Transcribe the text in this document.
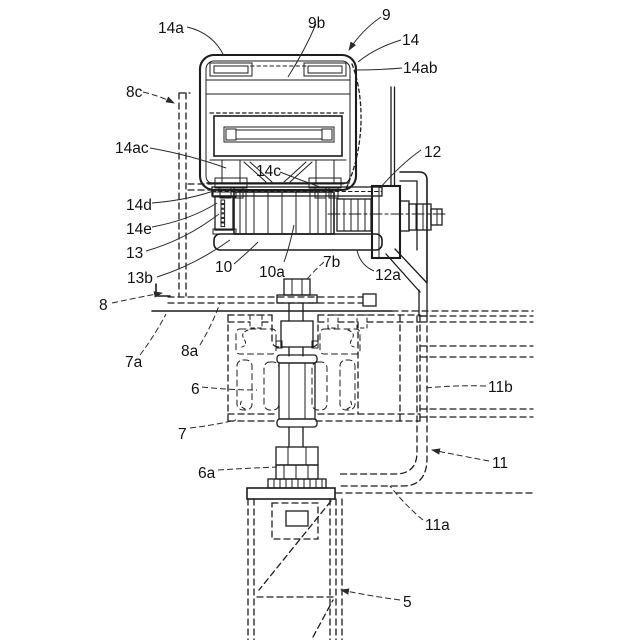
14a	9b	9
14
14ab
8c
14ac
14c
12
14d
14e
13
13b
10 10a
7b
12a
8
7a
8a
6
7
11b
6a
11
11a
5
